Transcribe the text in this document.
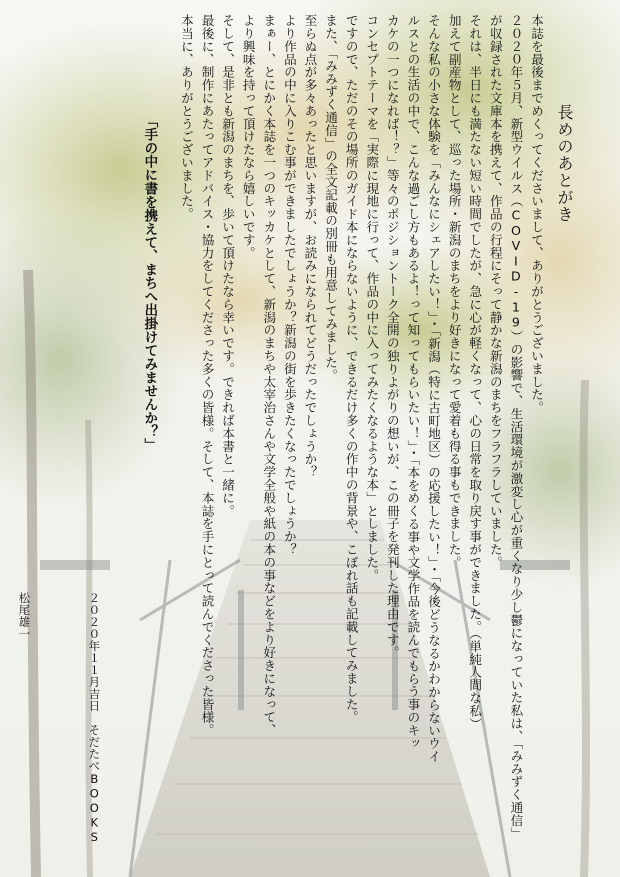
長めのあとがき

本誌を最後までめくってくださいまして、ありがとうございました。

２０２０年５月、新型ウイルス（COVID-19）の影響で、生活環境が激変し心が重くなり少し鬱になっていた私は、「みみずく通信」

が収録された文庫本を携えて、作品の行程にそって静かな新潟のまちをフラフラしていました。

それは、半日にも満たない短い時間でしたが、急に心が軽くなって、心の日常を取り戻す事ができました。（単純人間な私）

加えて副産物として、巡った場所・新潟のまちをより好きになって愛着も得る事もできました。

そんな私の小さな体験を「みんなにシェアしたい！」・「新潟（特に古町地区）の応援したい！」・「今後どうなるかわからないウイ

ルスとの生活の中で、こんな過ごし方もあるよ！って知ってもらいたい！」・「本をめくる事や文学作品を読んでもらう事のキッ

カケの一つになれば！？」等々のポジショントーク全開の独りよがりの想いが、この冊子を発刊した理由です。

コンセプトテーマを「実際に現地に行って、作品の中に入ってみたくなるような本」としました。

ですので、ただのその場所のガイド本にならないように、できるだけ多くの作中の背景や、こぼれ話も記載してみました。

また、「みみずく通信」の全文記載の別冊も用意してみました。

至らぬ点が多々あったと思いますが、お読みになられてどうだったでしょうか？

より作品の中に入りこむ事ができましたでしょうか？新潟の街を歩きたくなったでしょうか？

まぁー、とにかく本誌を一つのキッカケとして、新潟のまちや太宰治さんや文学全般や紙の本の事などをより好きになって、

より興味を持って頂けたなら嬉しいです。

そして、是非とも新潟のまちを、歩いて頂けたなら幸いです。できれば本書と一緒に。

最後に、制作にあたってアドバイス・協力をしてくださった多くの皆様。そして、本誌を手にとって読んでくださった皆様。

本当に、ありがとうございました。

「手の中に書を携えて、まちへ出掛けてみませんか？」

２０２０年１１月吉日　そだたべBOOKS　松尾雄一
